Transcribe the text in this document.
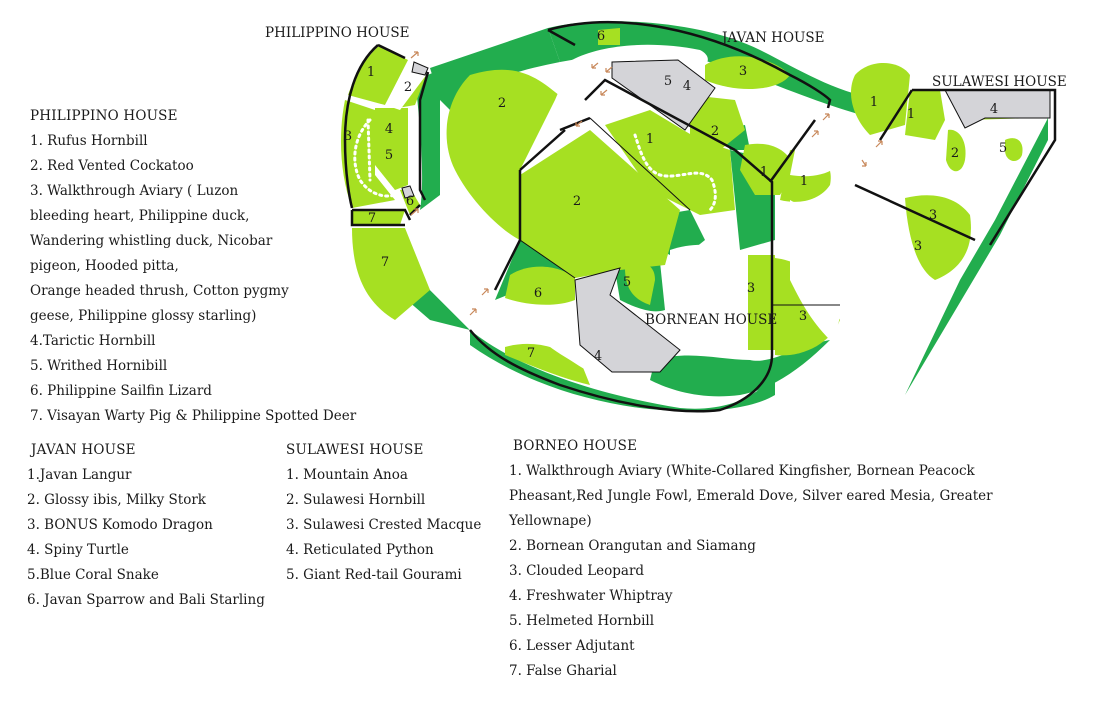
PHILIPPINO HOUSE	JAVAN HOUSE
SULAWESI HOUSE
BORNEAN HOUSE
1
2
3	4
5
6
7
7
2
6
3
5 4
2
1
1
1
1
1	4
2	5
3
3
2
6
5	3
3
7	4
PHILIPPINO HOUSE
1. Rufus Hornbill
2. Red Vented Cockatoo
3. Walkthrough Aviary ( Luzon
bleeding heart, Philippine duck,
Wandering whistling duck, Nicobar
pigeon, Hooded pitta,
Orange headed thrush, Cotton pygmy
geese, Philippine glossy starling)
4.Tarictic Hornbill
5. Writhed Hornibill
6. Philippine Sailfin Lizard
7. Visayan Warty Pig & Philippine Spotted Deer
JAVAN HOUSE
1.Javan Langur
2. Glossy ibis, Milky Stork
3. BONUS Komodo Dragon
4. Spiny Turtle
5.Blue Coral Snake
6. Javan Sparrow and Bali Starling
SULAWESI HOUSE
1. Mountain Anoa
2. Sulawesi Hornbill
3. Sulawesi Crested Macque
4. Reticulated Python
5. Giant Red-tail Gourami
BORNEO HOUSE
1. Walkthrough Aviary (White-Collared Kingfisher, Bornean Peacock
Pheasant,Red Jungle Fowl, Emerald Dove, Silver eared Mesia, Greater
Yellownape)
2. Bornean Orangutan and Siamang
3. Clouded Leopard
4. Freshwater Whiptray
5. Helmeted Hornbill
6. Lesser Adjutant
7. False Gharial
